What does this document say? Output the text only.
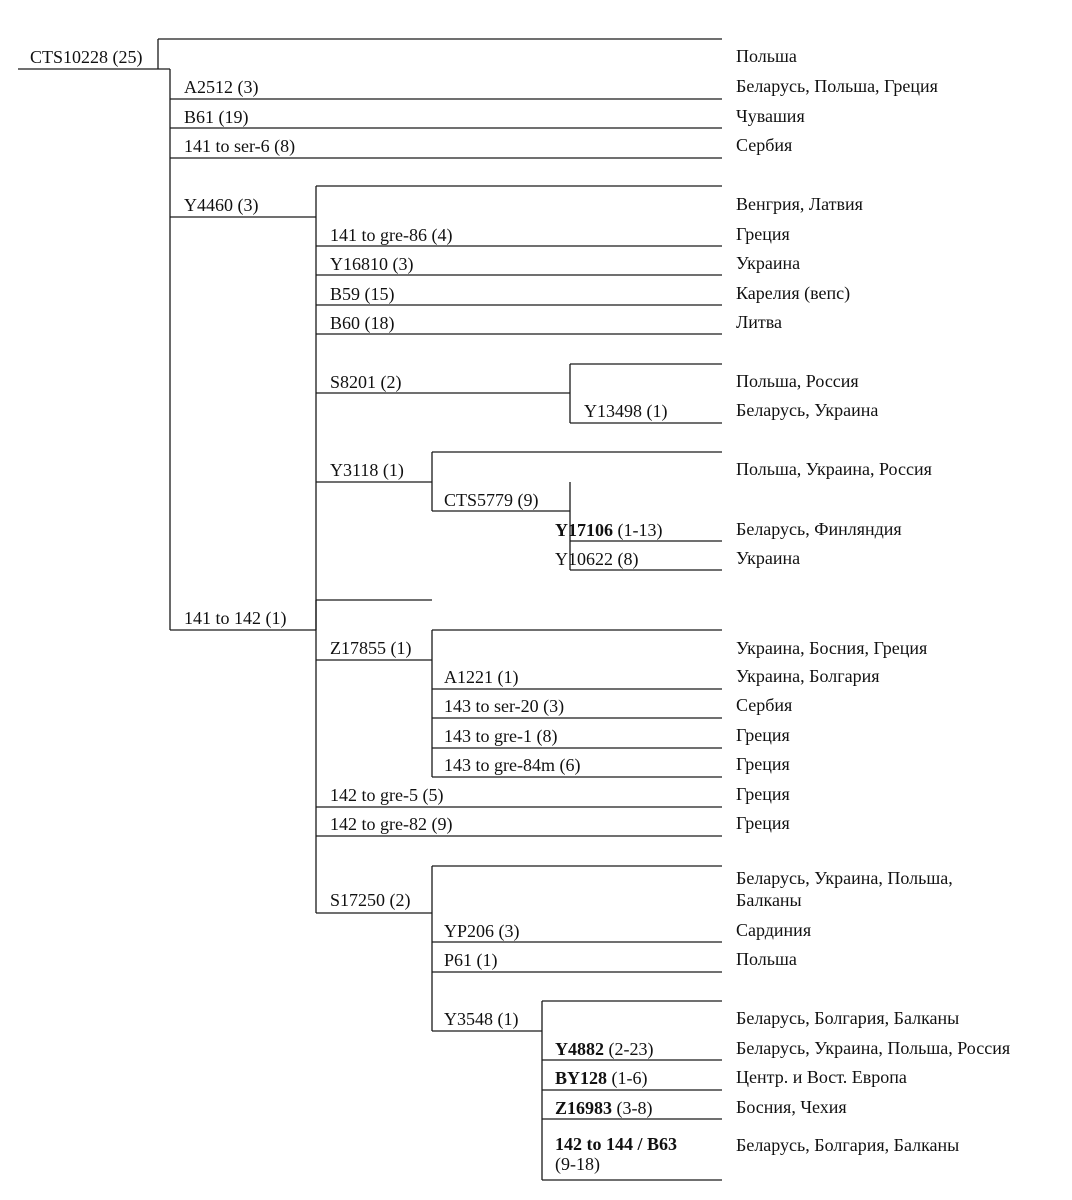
CTS10228 (25)
A2512 (3)
B61 (19)
141 to ser-6 (8)
Y4460 (3)
141 to gre-86 (4)
Y16810 (3)
B59 (15)
B60 (18)
S8201 (2)
Y13498 (1)
Y3118 (1)
CTS5779 (9)
Y17106 (1-13)
Y10622 (8)
141 to 142 (1)
Z17855 (1)
A1221 (1)
143 to ser-20 (3)
143 to gre-1 (8)
143 to gre-84m (6)
142 to gre-5 (5)
142 to gre-82 (9)
S17250 (2)
YP206 (3)
P61 (1)
Y3548 (1)
Y4882 (2-23)
BY128 (1-6)
Z16983 (3-8)
142 to 144 / B63
(9-18)
Польша
Беларусь, Польша, Греция
Чувашия
Сербия
Венгрия, Латвия
Греция
Украина
Карелия (вепс)
Литва
Польша, Россия
Беларусь, Украина
Польша, Украина, Россия
Беларусь, Финляндия
Украина
Украина, Босния, Греция
Украина, Болгария
Сербия
Греция
Греция
Греция
Греция
Беларусь, Украина, Польша,
Балканы
Сардиния
Польша
Беларусь, Болгария, Балканы
Беларусь, Украина, Польша, Россия
Центр. и Вост. Европа
Босния, Чехия
Беларусь, Болгария, Балканы
